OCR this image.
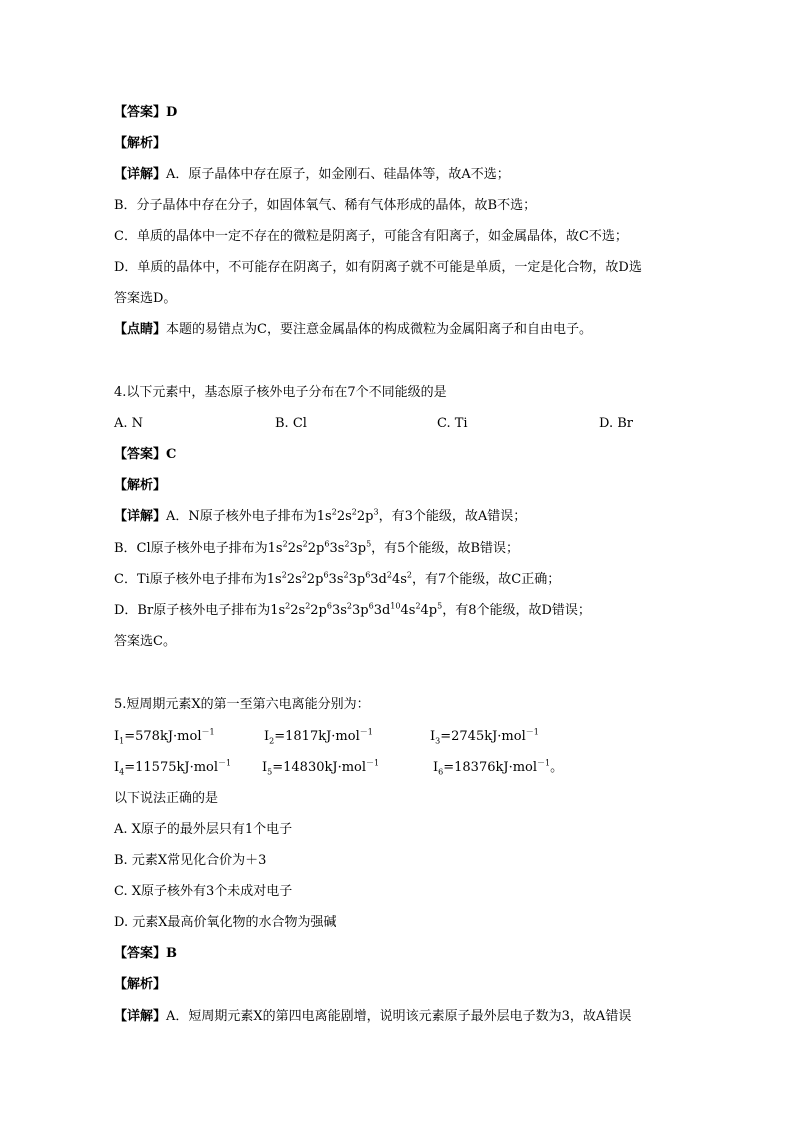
【答案】D
【解析】
【详解】A．原子晶体中存在原子，如金刚石、硅晶体等，故A不选；
B．分子晶体中存在分子，如固体氧气、稀有气体形成的晶体，故B不选；
C．单质的晶体中一定不存在的微粒是阴离子，可能含有阳离子，如金属晶体，故C不选；
D．单质的晶体中，不可能存在阴离子，如有阴离子就不可能是单质，一定是化合物，故D选
答案选D。
【点睛】本题的易错点为C，要注意金属晶体的构成微粒为金属阳离子和自由电子。
4.以下元素中，基态原子核外电子分布在7个不同能级的是
A. N	B. Cl	C. Ti	D. Br
【答案】C
【解析】
【详解】A．N原子核外电子排布为$1s^22s^22p^3$，有3个能级，故A错误；
B．Cl原子核外电子排布为$1s^22s^22p^63s^23p^5$，有5个能级，故B错误；
C．Ti原子核外电子排布为$1s^22s^22p^63s^23p^63d^24s^2$，有7个能级，故C正确；
D．Br原子核外电子排布为$1s^22s^22p^63s^23p^63d^{10}4s^24p^5$，有8个能级，故D错误；
答案选C。
5.短周期元素X的第一至第六电离能分别为：
$I_1=578kJ\cdot mol^{-1}$	$I_2=1817kJ\cdot mol^{-1}$	$I_3=2745kJ\cdot mol^{-1}$
$I_4=11575kJ\cdot mol^{-1}$ $I_5=14830kJ\cdot mol^{-1}$	$I_6=18376kJ\cdot mol^{-1}$。
以下说法正确的是
A. X原子的最外层只有1个电子
B. 元素X常见化合价为＋3
C. X原子核外有3个未成对电子
D. 元素X最高价氧化物的水合物为强碱
【答案】B
【解析】
【详解】A．短周期元素X的第四电离能剧增，说明该元素原子最外层电子数为3，故A错误
